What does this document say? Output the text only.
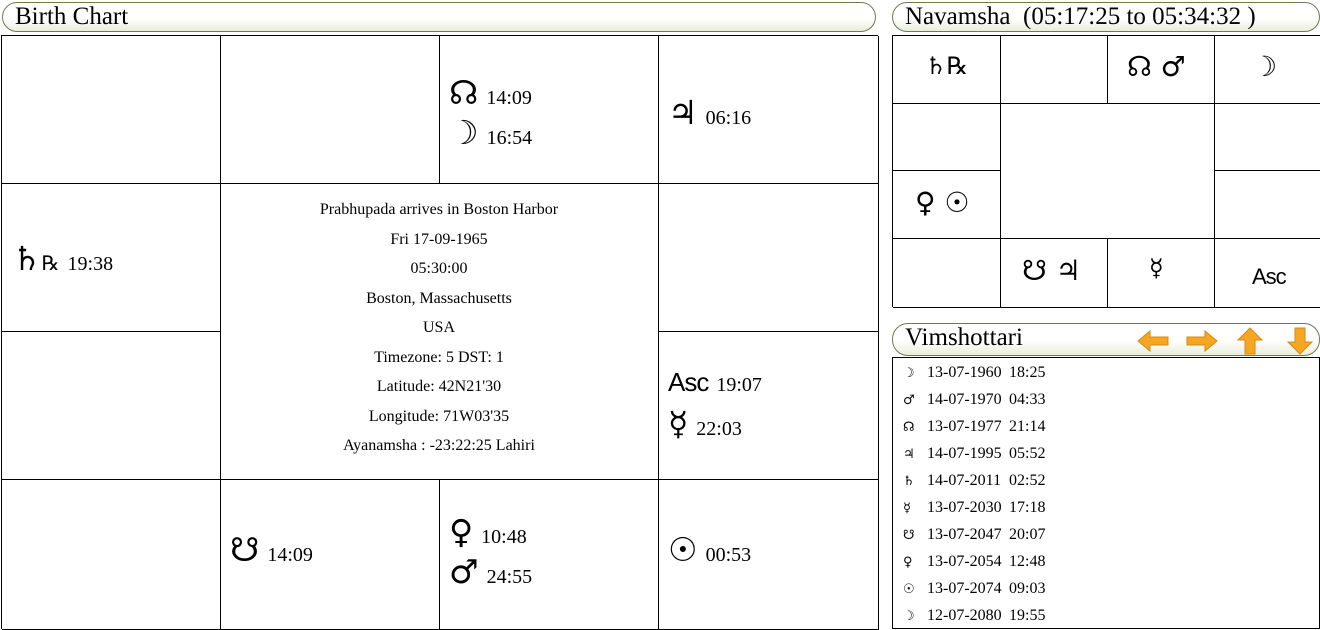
Birth Chart
☊ 14:09
☽ 16:54
♃ 06:16
♄ ℞ 19:38
Prabhupada arrives in Boston Harbor
Fri 17-09-1965
05:30:00
Boston, Massachusetts
USA
Timezone: 5 DST: 1
Latitude: 42N21'30
Longitude: 71W03'35
Ayanamsha : -23:22:25 Lahiri
Asc 19:07
☿ 22:03
☋ 14:09
♀ 10:48
♂ 24:55
☉ 00:53
Navamsha  (05:17:25 to 05:34:32 )
♄℞	☊ ♂ ☽
♀ ☉
☋ ♃	☿	Asc
Vimshottari
☽ 13-07-1960 18:25
♂ 14-07-1970 04:33
☊ 13-07-1977 21:14
♃ 14-07-1995 05:52
♄ 14-07-2011 02:52
☿ 13-07-2030 17:18
☋ 13-07-2047 20:07
♀ 13-07-2054 12:48
☉ 13-07-2074 09:03
☽ 12-07-2080 19:55
